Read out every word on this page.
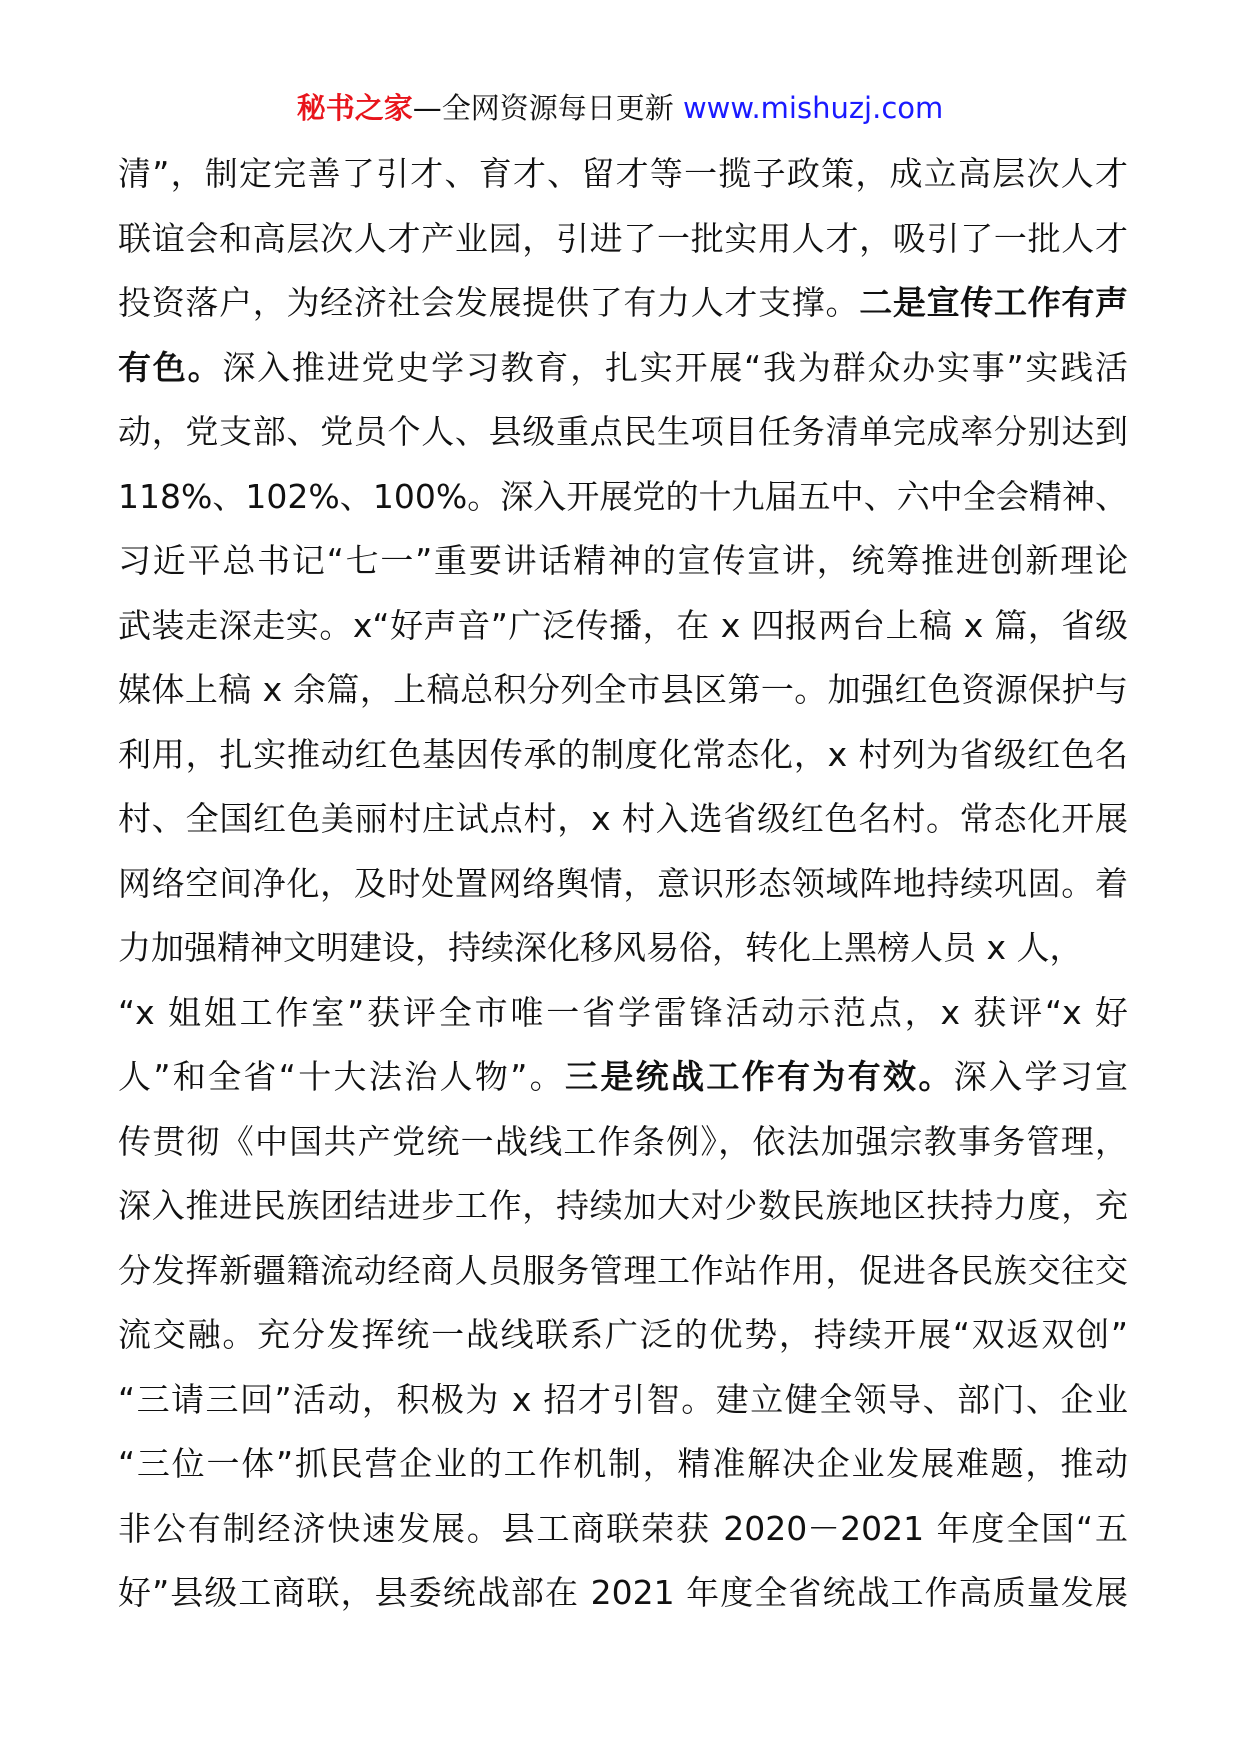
秘书之家—全网资源每日更新 www.mishuzj.com
清”，制定完善了引才、育才、留才等一揽子政策，成立高层次人才
联谊会和高层次人才产业园，引进了一批实用人才，吸引了一批人才
投资落户，为经济社会发展提供了有力人才支撑。二是宣传工作有声
有色。深入推进党史学习教育，扎实开展“我为群众办实事”实践活
动，党支部、党员个人、县级重点民生项目任务清单完成率分别达到
118%、102%、100%。深入开展党的十九届五中、六中全会精神、
习近平总书记“七一”重要讲话精神的宣传宣讲，统筹推进创新理论
武装走深走实。x“好声音”广泛传播，在 x 四报两台上稿 x 篇，省级
媒体上稿 x 余篇，上稿总积分列全市县区第一。加强红色资源保护与
利用，扎实推动红色基因传承的制度化常态化，x 村列为省级红色名
村、全国红色美丽村庄试点村，x 村入选省级红色名村。常态化开展
网络空间净化，及时处置网络舆情，意识形态领域阵地持续巩固。着
力加强精神文明建设，持续深化移风易俗，转化上黑榜人员 x 人，
“x 姐姐工作室”获评全市唯一省学雷锋活动示范点，x 获评“x 好
人”和全省“十大法治人物”。三是统战工作有为有效。深入学习宣
传贯彻《中国共产党统一战线工作条例》，依法加强宗教事务管理，
深入推进民族团结进步工作，持续加大对少数民族地区扶持力度，充
分发挥新疆籍流动经商人员服务管理工作站作用，促进各民族交往交
流交融。充分发挥统一战线联系广泛的优势，持续开展“双返双创”
“三请三回”活动，积极为 x 招才引智。建立健全领导、部门、企业
“三位一体”抓民营企业的工作机制，精准解决企业发展难题，推动
非公有制经济快速发展。县工商联荣获 2020－2021 年度全国“五
好”县级工商联，县委统战部在 2021 年度全省统战工作高质量发展
